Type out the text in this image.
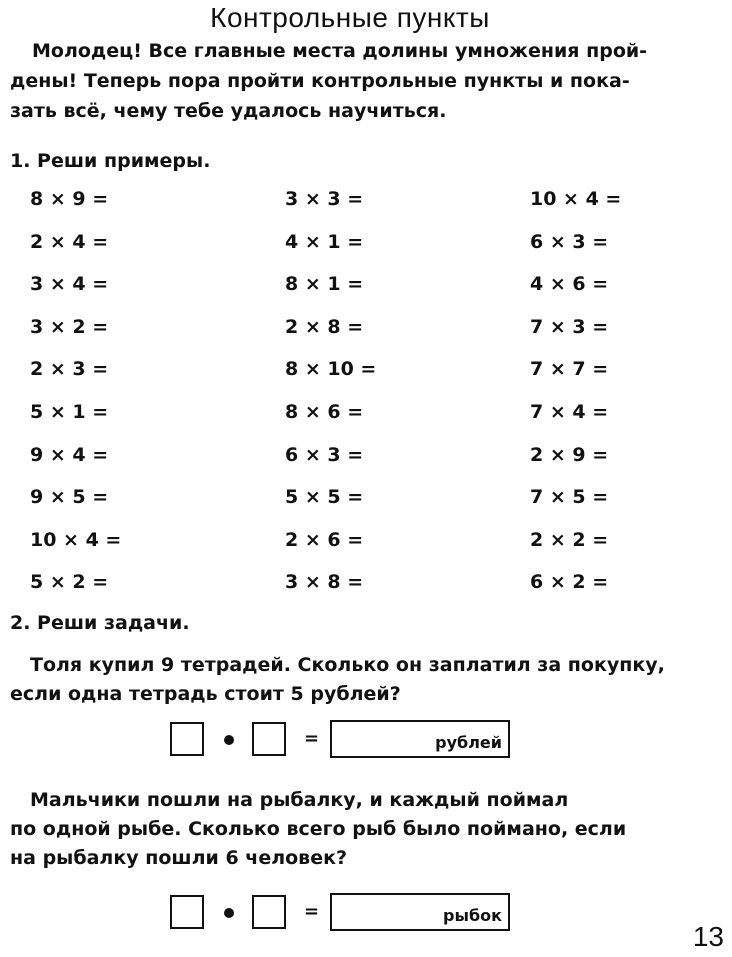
Контрольные пункты
Молодец! Все главные места долины умножения прой-
дены! Теперь пора пройти контрольные пункты и пока-
зать всё, чему тебе удалось научиться.
1. Реши примеры.
8 × 9 =
2 × 4 =
3 × 4 =
3 × 2 =
2 × 3 =
5 × 1 =
9 × 4 =
9 × 5 =
10 × 4 =
5 × 2 =
3 × 3 =
4 × 1 =
8 × 1 =
2 × 8 =
8 × 10 =
8 × 6 =
6 × 3 =
5 × 5 =
2 × 6 =
3 × 8 =
10 × 4 =
6 × 3 =
4 × 6 =
7 × 3 =
7 × 7 =
7 × 4 =
2 × 9 =
7 × 5 =
2 × 2 =
6 × 2 =
2. Реши задачи.
Толя купил 9 тетрадей. Сколько он заплатил за покупку,
если одна тетрадь стоит 5 рублей?
=	рублей
Мальчики пошли на рыбалку, и каждый поймал
по одной рыбе. Сколько всего рыб было поймано, если
на рыбалку пошли 6 человек?
=	рыбок
13
